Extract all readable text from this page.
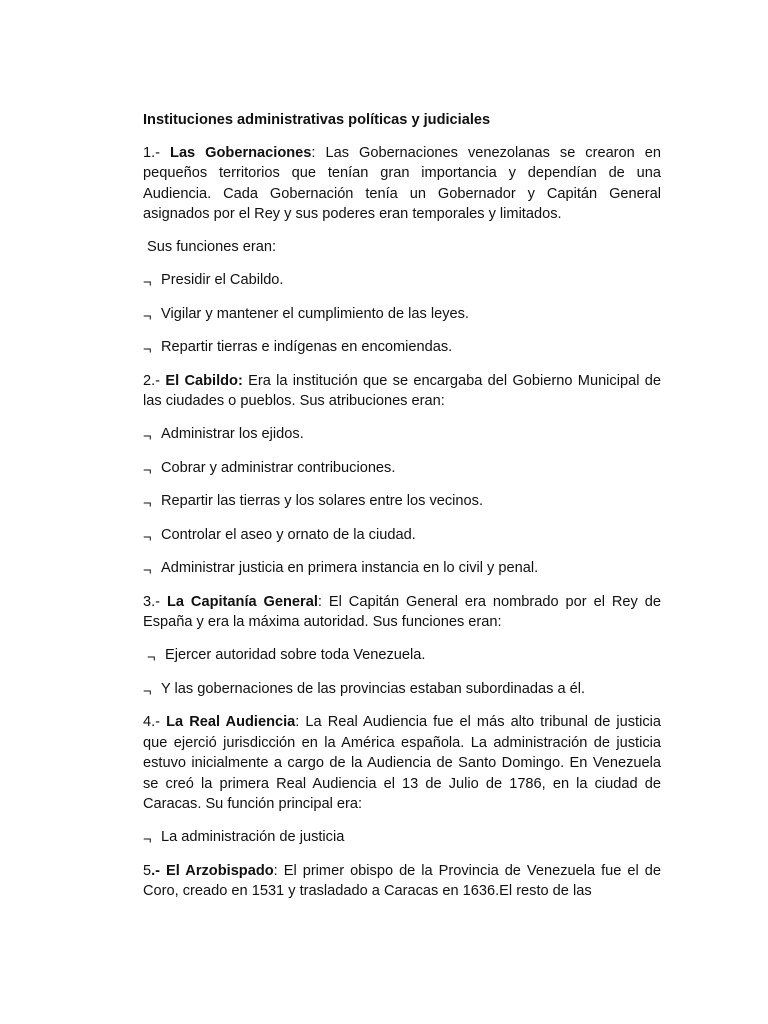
Instituciones administrativas políticas y judiciales

1.- Las Gobernaciones: Las Gobernaciones venezolanas se crearon en pequeños territorios que tenían gran importancia y dependían de una Audiencia. Cada Gobernación tenía un Gobernador y Capitán General asignados por el Rey y sus poderes eran temporales y limitados.

Sus funciones eran:

¬ Presidir el Cabildo.

¬ Vigilar y mantener el cumplimiento de las leyes.

¬ Repartir tierras e indígenas en encomiendas.

2.- El Cabildo: Era la institución que se encargaba del Gobierno Municipal de las ciudades o pueblos. Sus atribuciones eran:

¬ Administrar los ejidos.

¬ Cobrar y administrar contribuciones.

¬ Repartir las tierras y los solares entre los vecinos.

¬ Controlar el aseo y ornato de la ciudad.

¬ Administrar justicia en primera instancia en lo civil y penal.

3.- La Capitanía General: El Capitán General era nombrado por el Rey de España y era la máxima autoridad. Sus funciones eran:

¬ Ejercer autoridad sobre toda Venezuela.

¬ Y las gobernaciones de las provincias estaban subordinadas a él.

4.- La Real Audiencia: La Real Audiencia fue el más alto tribunal de justicia que ejerció jurisdicción en la América española. La administración de justicia estuvo inicialmente a cargo de la Audiencia de Santo Domingo. En Venezuela se creó la primera Real Audiencia el 13 de Julio de 1786, en la ciudad de Caracas. Su función principal era:

¬ La administración de justicia

5.- El Arzobispado: El primer obispo de la Provincia de Venezuela fue el de Coro, creado en 1531 y trasladado a Caracas en 1636.El resto de las
